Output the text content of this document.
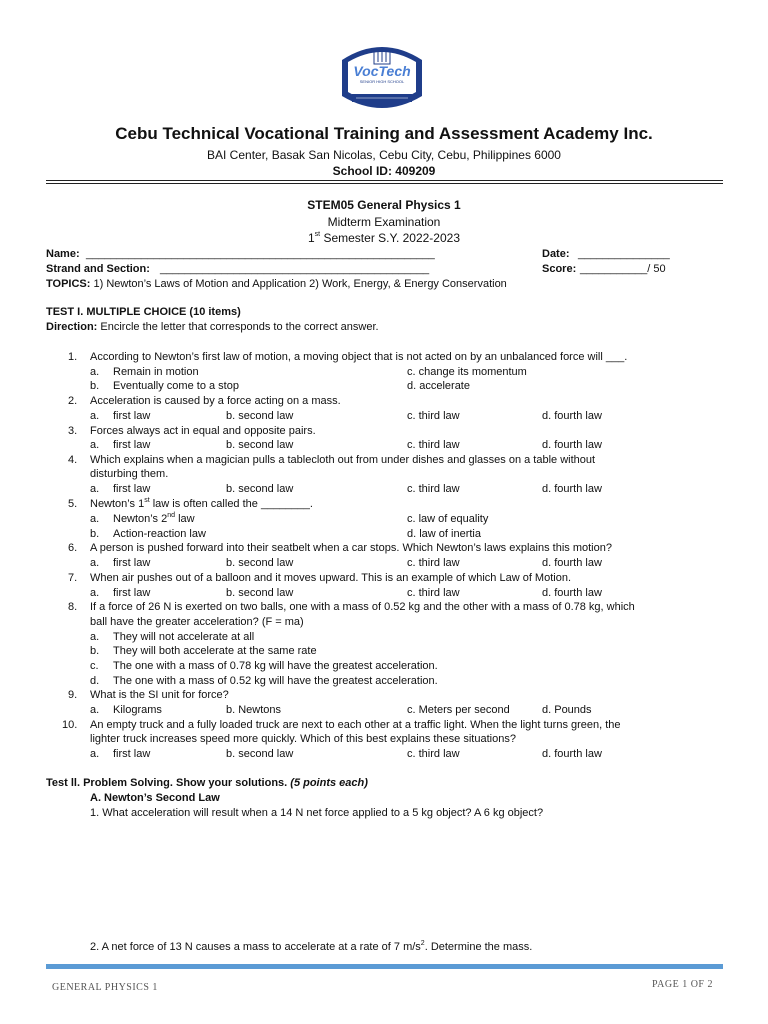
VocTech
SENIOR HIGH SCHOOL
Cebu Technical Vocational Training and Assessment Academy Inc.
BAI Center, Basak San Nicolas, Cebu City, Cebu, Philippines 6000
School ID: 409209
STEM05 General Physics 1
Midterm Examination
1st Semester S.Y. 2022-2023
Name: _________________________________________________________	Date: _______________
Strand and Section: ____________________________________________	Score: ___________/ 50
TOPICS: 1) Newton’s Laws of Motion and Application 2) Work, Energy, & Energy Conservation
TEST I. MULTIPLE CHOICE (10 items)
Direction: Encircle the letter that corresponds to the correct answer.
1. According to Newton’s first law of motion, a moving object that is not acted on by an unbalanced force will ___.
a. Remain in motion	c. change its momentum
b. Eventually come to a stop	d. accelerate
2. Acceleration is caused by a force acting on a mass.
a. first law	b. second law	c. third law	d. fourth law
3. Forces always act in equal and opposite pairs.
a. first law	b. second law	c. third law	d. fourth law
4. Which explains when a magician pulls a tablecloth out from under dishes and glasses on a table without
disturbing them.
a. first law	b. second law	c. third law	d. fourth law
5. Newton’s 1st law is often called the ________.
a. Newton’s 2nd law	c. law of equality
b. Action-reaction law	d. law of inertia
6. A person is pushed forward into their seatbelt when a car stops. Which Newton’s laws explains this motion?
a. first law	b. second law	c. third law	d. fourth law
7. When air pushes out of a balloon and it moves upward. This is an example of which Law of Motion.
a. first law	b. second law	c. third law	d. fourth law
8. If a force of 26 N is exerted on two balls, one with a mass of 0.52 kg and the other with a mass of 0.78 kg, which
ball have the greater acceleration? (F = ma)
a. They will not accelerate at all
b. They will both accelerate at the same rate
c. The one with a mass of 0.78 kg will have the greatest acceleration.
d. The one with a mass of 0.52 kg will have the greatest acceleration.
9. What is the SI unit for force?
a. Kilograms	b. Newtons	c. Meters per second	d. Pounds
10. An empty truck and a fully loaded truck are next to each other at a traffic light. When the light turns green, the
lighter truck increases speed more quickly. Which of this best explains these situations?
a. first law	b. second law	c. third law	d. fourth law
Test ll. Problem Solving. Show your solutions. (5 points each)
A. Newton’s Second Law
1. What acceleration will result when a 14 N net force applied to a 5 kg object? A 6 kg object?
2. A net force of 13 N causes a mass to accelerate at a rate of 7 $m/s^2$. Determine the mass.
GENERAL PHYSICS 1	PAGE 1 OF 2
